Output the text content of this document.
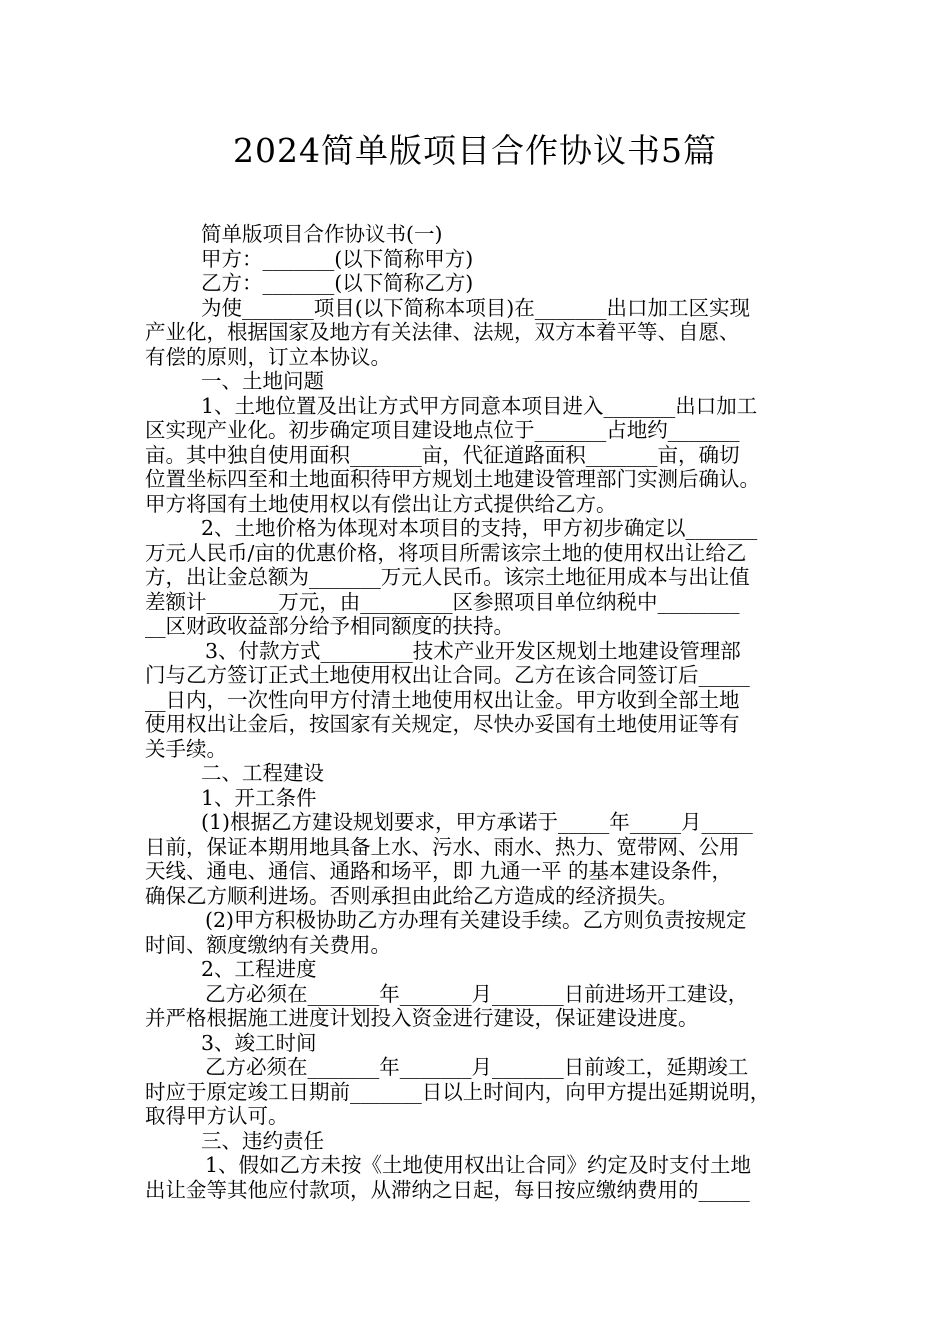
2024简单版项目合作协议书5篇
简单版项目合作协议书(一)
甲方：_______(以下简称甲方)
乙方：_______(以下简称乙方)
为使_______项目(以下简称本项目)在_______出口加工区实现
产业化，根据国家及地方有关法律、法规，双方本着平等、自愿、
有偿的原则，订立本协议。
一、土地问题
1、土地位置及出让方式甲方同意本项目进入_______出口加工
区实现产业化。初步确定项目建设地点位于_______占地约_______
亩。其中独自使用面积_______亩，代征道路面积_______亩，确切
位置坐标四至和土地面积待甲方规划土地建设管理部门实测后确认。
甲方将国有土地使用权以有偿出让方式提供给乙方。
2、土地价格为体现对本项目的支持，甲方初步确定以_______
万元人民币/亩的优惠价格，将项目所需该宗土地的使用权出让给乙
方，出让金总额为_______万元人民币。该宗土地征用成本与出让值
差额计_______万元，由_________区参照项目单位纳税中________
__区财政收益部分给予相同额度的扶持。
3、付款方式_________技术产业开发区规划土地建设管理部
门与乙方签订正式土地使用权出让合同。乙方在该合同签订后_____
__日内，一次性向甲方付清土地使用权出让金。甲方收到全部土地
使用权出让金后，按国家有关规定，尽快办妥国有土地使用证等有
关手续。
二、工程建设
1、开工条件
(1)根据乙方建设规划要求，甲方承诺于_____年_____月_____
日前，保证本期用地具备上水、污水、雨水、热力、宽带网、公用
天线、通电、通信、通路和场平，即 九通一平 的基本建设条件，
确保乙方顺利进场。否则承担由此给乙方造成的经济损失。
(2)甲方积极协助乙方办理有关建设手续。乙方则负责按规定
时间、额度缴纳有关费用。
2、工程进度
乙方必须在_______年_______月_______日前进场开工建设，
并严格根据施工进度计划投入资金进行建设，保证建设进度。
3、竣工时间
乙方必须在_______年_______月_______日前竣工，延期竣工
时应于原定竣工日期前_______日以上时间内，向甲方提出延期说明，
取得甲方认可。
三、违约责任
1、假如乙方未按《土地使用权出让合同》约定及时支付土地
出让金等其他应付款项，从滞纳之日起，每日按应缴纳费用的_____
